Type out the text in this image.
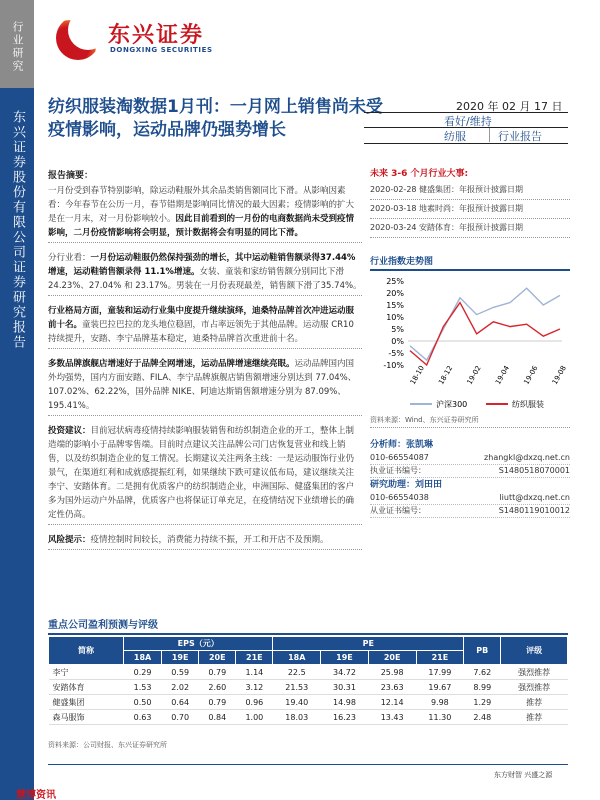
行业研究
东兴证券股份有限公司证券研究报告
东兴证券
DONGXING SECURITIES
纺织服装淘数据1月刊：一月网上销售尚未受疫情影响，运动品牌仍强势增长
2020 年 02 月 17 日
看好/维持
纺服	行业报告
报告摘要：
一月份受到春节特别影响，除运动鞋服外其余品类销售额同比下滑。从影响因素看：今年春节在公历一月，春节错期是影响同比情况的最大因素；疫情影响的扩大是在一月末，对一月份影响较小。因此目前看到的一月份的电商数据尚未受到疫情影响，二月份疫情影响将会明显，预计数据将会有明显的同比下滑。
分行业看：一月份运动鞋服仍然保持强劲的增长，其中运动鞋销售额录得37.44%增速，运动鞋销售额录得 11.1%增速。女装、童装和家纺销售额分别同比下滑 24.23%、27.04% 和 23.17%。男装在一月份表现最差，销售额下滑了35.74%。
行业格局方面，童装和运动行业集中度提升继续演绎，迪桑特品牌首次冲进运动服前十名。童装巴拉巴拉的龙头地位稳固，市占率远领先于其他品牌。运动服 CR10 持续提升，安踏、李宁品牌基本稳定，迪桑特品牌首次重进前十名。
多数品牌旗舰店增速好于品牌全网增速，运动品牌增速继续亮眼。运动品牌国内国外均强势，国内方面安踏、FILA、李宁品牌旗舰店销售额增速分别达到 77.04%、107.02%、62.22%，国外品牌 NIKE、阿迪达斯销售额增速分别为 87.09%、195.41%。
投资建议：目前冠状病毒疫情持续影响服装销售和纺织制造企业的开工，整体上制造端的影响小于品牌零售端。目前时点建议关注品牌公司门店恢复营业和线上销售，以及纺织制造企业的复工情况。长期建议关注两条主线：一是运动服饰行业仍景气，在渠道红利和成就感提振红利，如果继续下跌可建议低布局，建议继续关注李宁、安踏体育。二是拥有优质客户的纺织制造企业，申洲国际、健盛集团的客户多为国外运动户外品牌，优质客户也将保证订单充足，在疫情结况下业绩增长的确定性仍高。
风险提示：疫情控制时间较长，消费能力持续不振，开工和开店不及预期。
未来 3-6 个月行业大事:
2020-02-28 健盛集团：年报预计披露日期
2020-03-18 地素时尚：年报预计披露日期
2020-03-24 安踏体育：年报预计披露日期
行业指数走势图
25%
20%
15%
10%
5%
0%
-5%
-10% 18-10 18-12 19-02 19-04 19-06 19-08
沪深300	纺织服装
资料来源：Wind、东兴证券研究所
分析师：张凯琳
010-66554087	zhangkl@dxzq.net.cn
执业证书编号：	S1480518070001
研究助理：刘田田
010-66554038	liutt@dxzq.net.cn
从业证书编号：	S1480119010012
重点公司盈利预测与评级
简称	EPS（元）				PE				PB	评级
	18A	19E	20E	21E	18A	19E	20E	21E		
李宁	0.29	0.59	0.79	1.14	22.5	34.72	25.98	17.99	7.62	强烈推荐
安踏体育	1.53	2.02	2.60	3.12	21.53	30.31	23.63	19.67	8.99	强烈推荐
健盛集团	0.50	0.64	0.79	0.96	19.40	14.98	12.14	9.98	1.29	推荐
森马服饰	0.63	0.70	0.84	1.00	18.03	16.23	13.43	11.30	2.48	推荐
资料来源：公司财报、东兴证券研究所
东方财智 兴盛之源
慧博资讯
